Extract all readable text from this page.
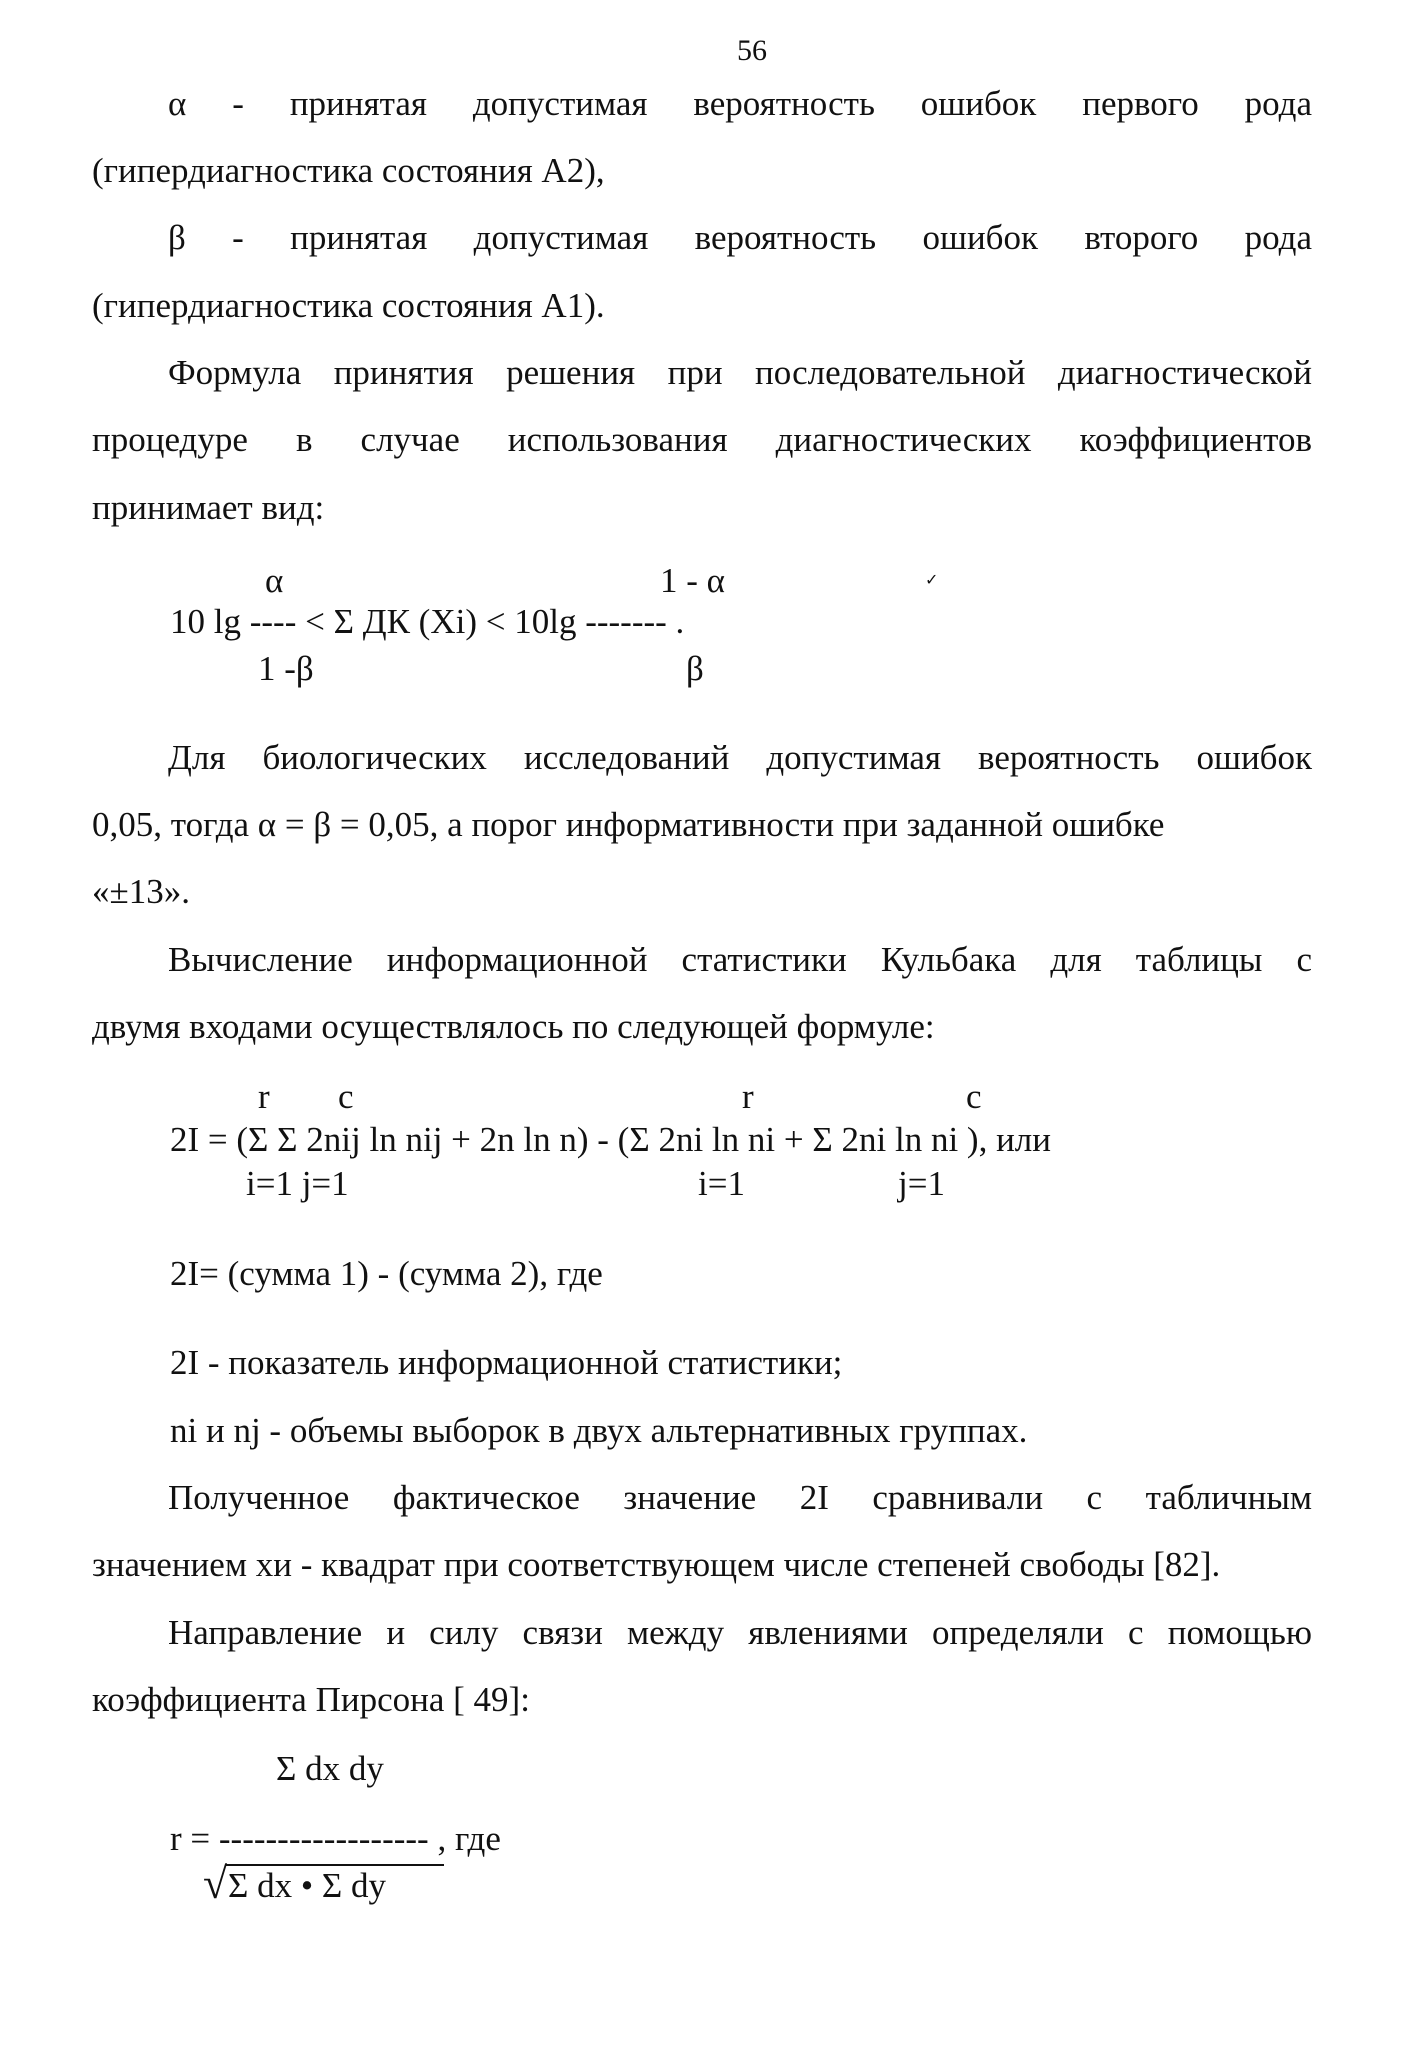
56
α - принятая допустимая вероятность ошибок первого рода
(гипердиагностика состояния А2),
β - принятая допустимая вероятность ошибок второго рода
(гипердиагностика состояния А1).
Формула принятия решения при последовательной диагностической
процедуре в случае использования диагностических коэффициентов
принимает вид:
α	1 - α
10 lg ---- < Σ ДК (Xi) < 10lg ------- .
1 -β	β
✓
Для биологических исследований допустимая вероятность ошибок
0,05, тогда α = β = 0,05, а порог информативности при заданной ошибке
«±13».
Вычисление информационной статистики Кульбака для таблицы с
двумя входами осуществлялось по следующей формуле:
r c	r	c
2I = (Σ Σ 2nij ln nij + 2n ln n) - (Σ 2ni ln ni + Σ 2ni ln ni ), или
i=1 j=1	i=1	j=1
2I= (сумма 1) - (сумма 2), где
2I - показатель информационной статистики;
ni и nj - объемы выборок в двух альтернативных группах.
Полученное фактическое значение 2I сравнивали с табличным
значением хи - квадрат при соответствующем числе степеней свободы [82].
Направление и силу связи между явлениями определяли с помощью
коэффициента Пирсона [ 49]:
Σ dx dy
r = ------------------ , где
√ Σ dx • Σ dy
